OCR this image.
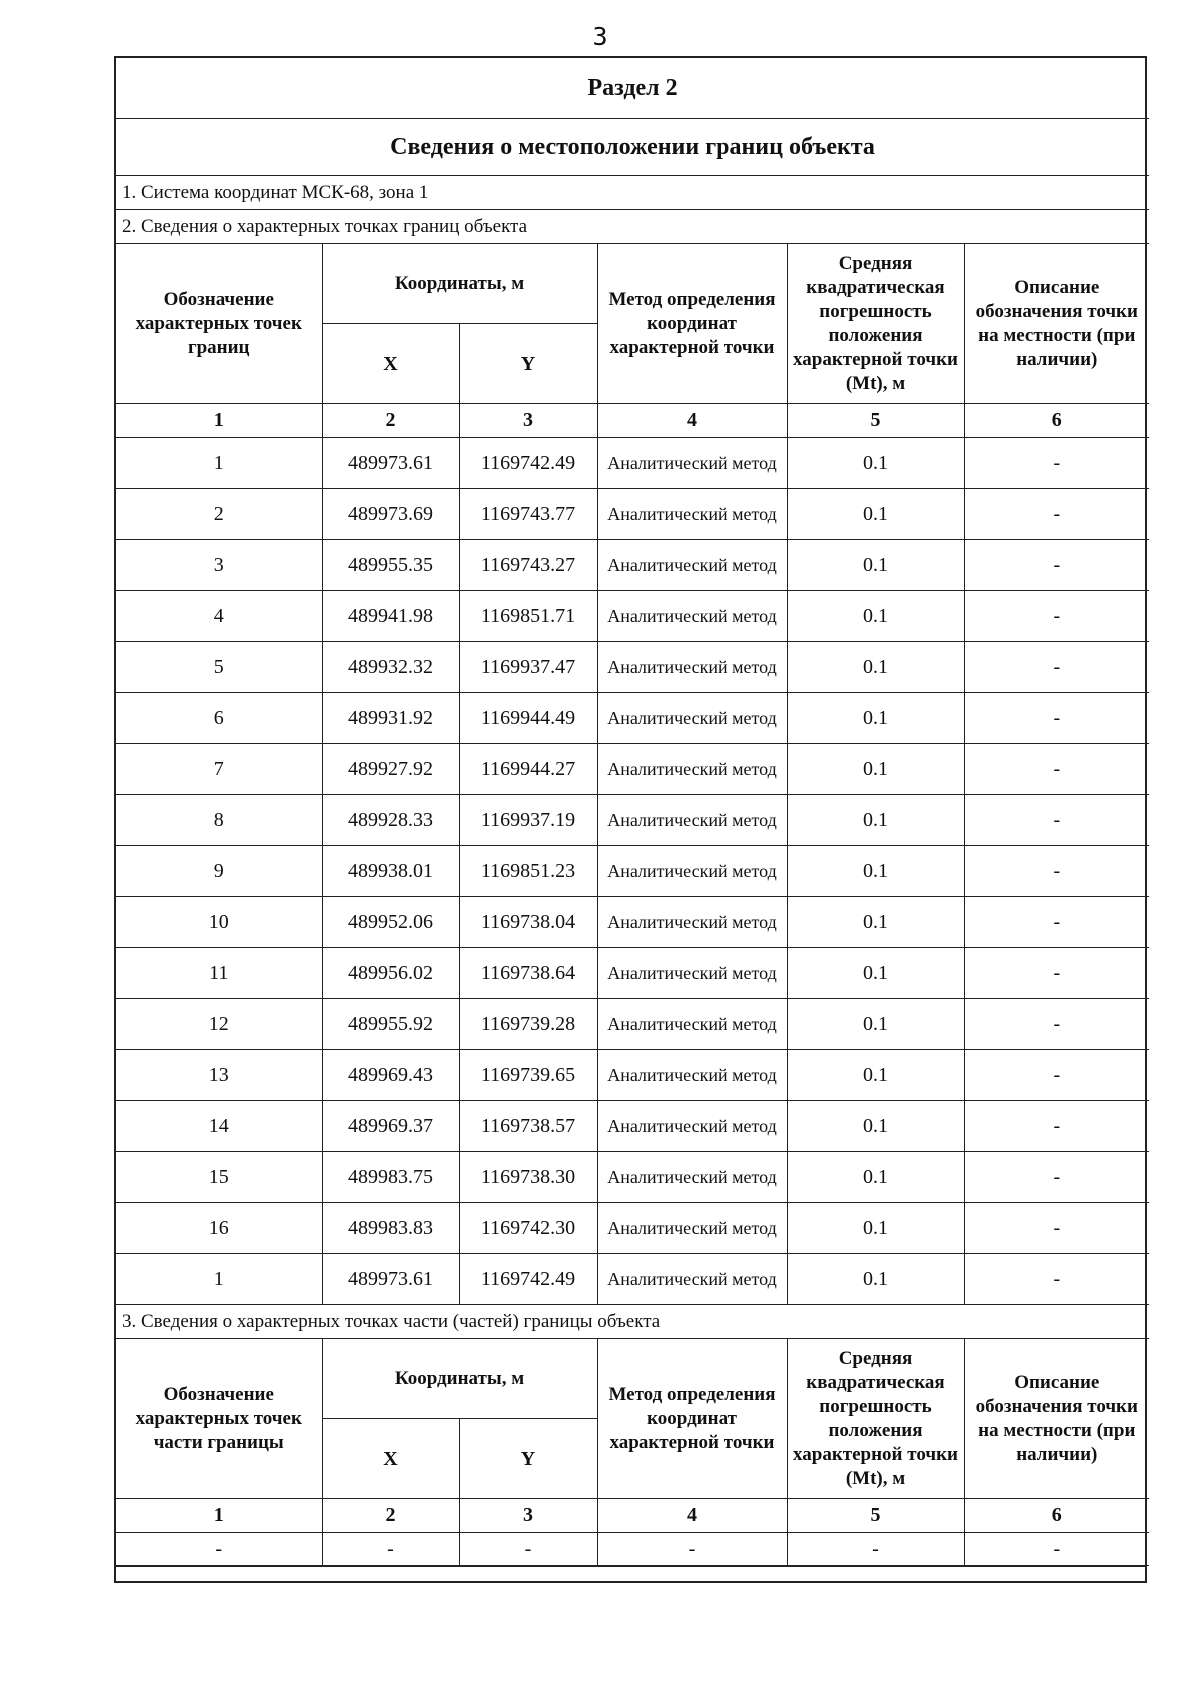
3
Раздел 2					
Сведения о местоположении границ объекта					
1. Система координат МСК-68, зона 1					
2. Сведения о характерных точках границ объекта					
Обозначение характерных точек границ	Координаты, м		Метод определения координат характерной точки	Средняя квадратическая погрешность положения характерной точки (Mt), м	Описание обозначения точки на местности (при наличии)
	X	Y			
1	2	3	4	5	6
1	489973.61	1169742.49	Аналитический метод	0.1	-
2	489973.69	1169743.77	Аналитический метод	0.1	-
3	489955.35	1169743.27	Аналитический метод	0.1	-
4	489941.98	1169851.71	Аналитический метод	0.1	-
5	489932.32	1169937.47	Аналитический метод	0.1	-
6	489931.92	1169944.49	Аналитический метод	0.1	-
7	489927.92	1169944.27	Аналитический метод	0.1	-
8	489928.33	1169937.19	Аналитический метод	0.1	-
9	489938.01	1169851.23	Аналитический метод	0.1	-
10	489952.06	1169738.04	Аналитический метод	0.1	-
11	489956.02	1169738.64	Аналитический метод	0.1	-
12	489955.92	1169739.28	Аналитический метод	0.1	-
13	489969.43	1169739.65	Аналитический метод	0.1	-
14	489969.37	1169738.57	Аналитический метод	0.1	-
15	489983.75	1169738.30	Аналитический метод	0.1	-
16	489983.83	1169742.30	Аналитический метод	0.1	-
1	489973.61	1169742.49	Аналитический метод	0.1	-
3. Сведения о характерных точках части (частей) границы объекта					
Обозначение характерных точек части границы	Координаты, м		Метод определения координат характерной точки	Средняя квадратическая погрешность положения характерной точки (Mt), м	Описание обозначения точки на местности (при наличии)
	X	Y			
1	2	3	4	5	6
-	-	-	-	-	-
